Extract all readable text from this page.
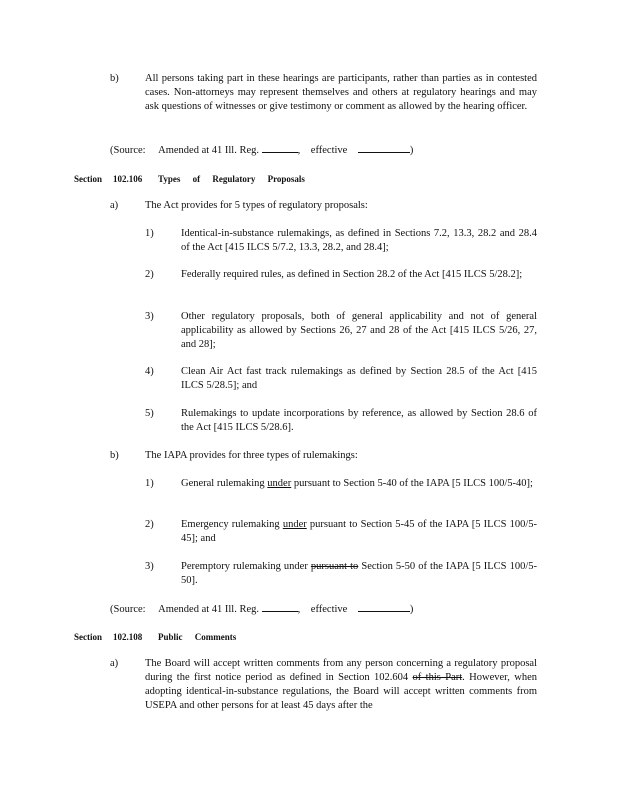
b)	All persons taking part in these hearings are participants, rather than parties as in contested cases. Non-attorneys may represent themselves and others at regulatory hearings and may ask questions of witnesses or give testimony or comment as allowed by the hearing officer.
(Source: Amended at 41 Ill. Reg.	,    effective	)
Section 102.106 Types of Regulatory Proposals
a)	The Act provides for 5 types of regulatory proposals:
1)	Identical-in-substance rulemakings, as defined in Sections 7.2, 13.3, 28.2 and 28.4 of the Act [415 ILCS 5/7.2, 13.3, 28.2, and 28.4];
2)	Federally required rules, as defined in Section 28.2 of the Act [415 ILCS 5/28.2];
3)	Other regulatory proposals, both of general applicability and not of general applicability as allowed by Sections 26, 27 and 28 of the Act [415 ILCS 5/26, 27, and 28];
4)	Clean Air Act fast track rulemakings as defined by Section 28.5 of the Act [415 ILCS 5/28.5]; and
5)	Rulemakings to update incorporations by reference, as allowed by Section 28.6 of the Act [415 ILCS 5/28.6].
b)	The IAPA provides for three types of rulemakings:
1)	General rulemaking under pursuant to Section 5-40 of the IAPA [5 ILCS 100/5-40];
2)	Emergency rulemaking under pursuant to Section 5-45 of the IAPA [5 ILCS 100/5-45]; and
3)	Peremptory rulemaking under pursuant to Section 5-50 of the IAPA [5 ILCS 100/5-50].
(Source: Amended at 41 Ill. Reg.	,    effective	)
Section 102.108 Public Comments
a)	The Board will accept written comments from any person concerning a regulatory proposal during the first notice period as defined in Section 102.604 of this Part. However, when adopting identical-in-substance regulations, the Board will accept written comments from USEPA and other persons for at least 45 days after the
